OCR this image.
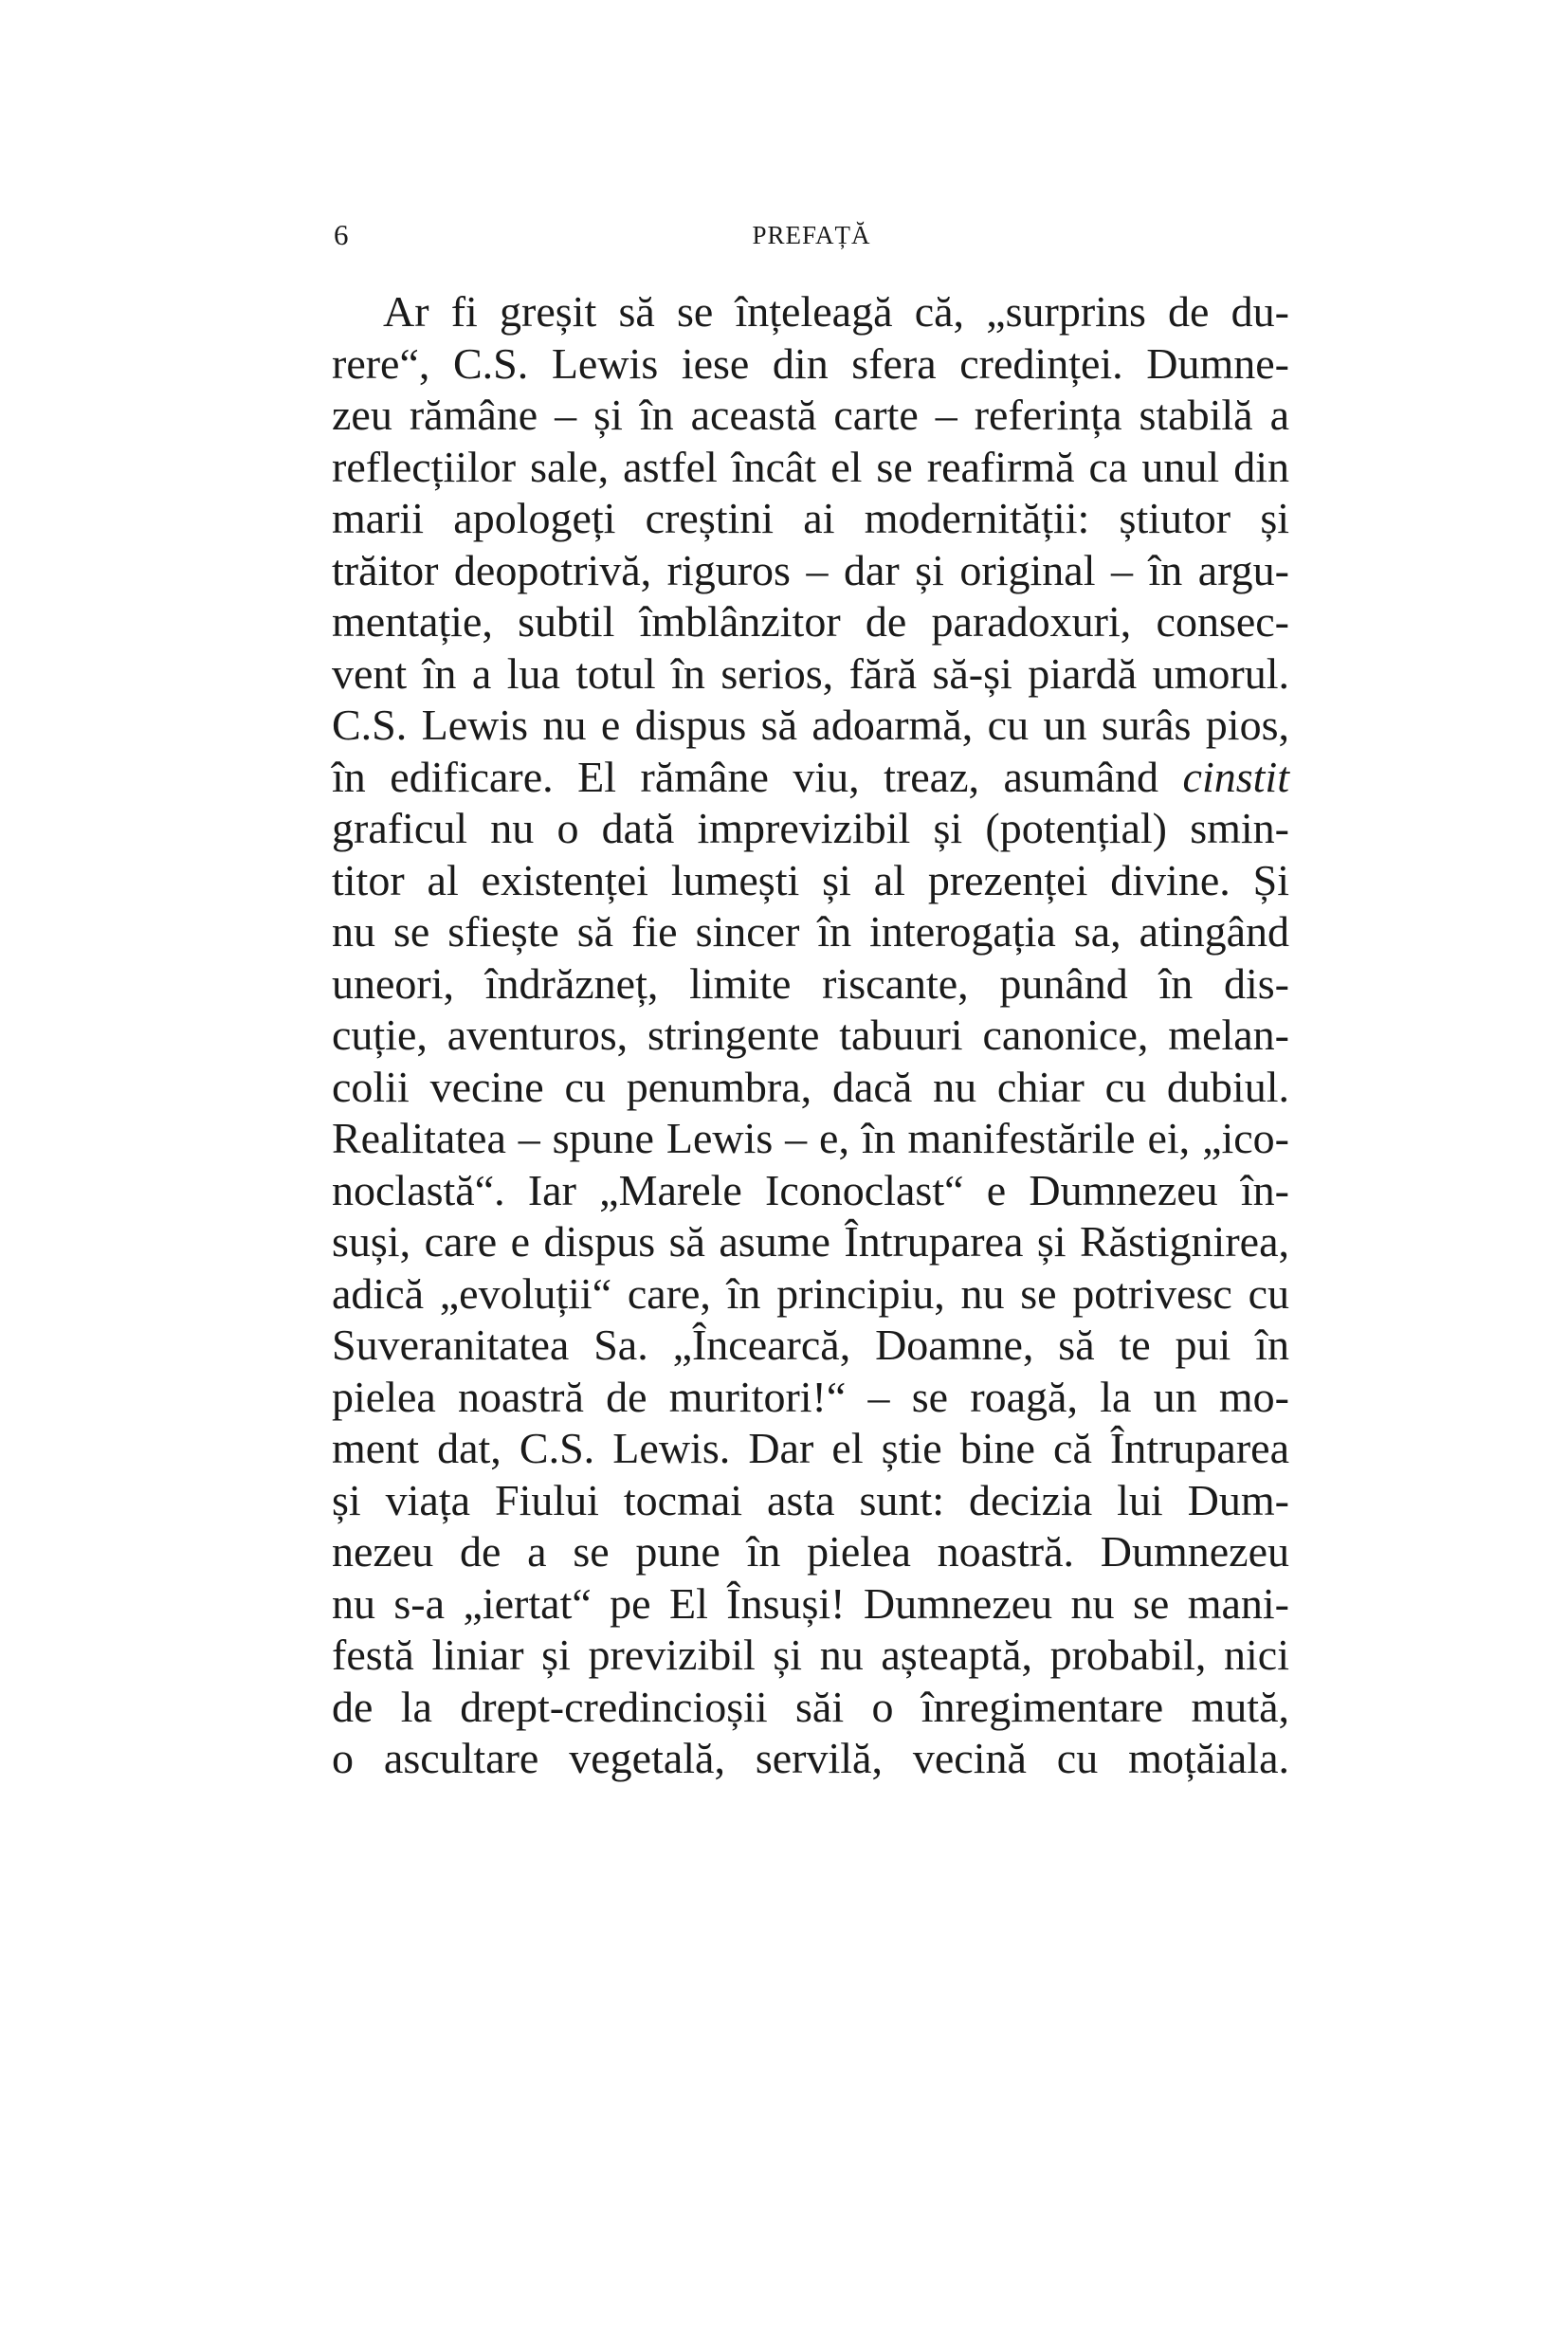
6	PREFAȚĂ
Ar fi greșit să se înțeleagă că, „surprins de du-
rere“, C.S. Lewis iese din sfera credinței. Dumne-
zeu rămâne – și în această carte – referința stabilă a
reflecțiilor sale, astfel încât el se reafirmă ca unul din
marii apologeți creștini ai modernității: știutor și
trăitor deopotrivă, riguros – dar și original – în argu-
mentație, subtil îmblânzitor de paradoxuri, consec-
vent în a lua totul în serios, fără să-și piardă umorul.
C.S. Lewis nu e dispus să adoarmă, cu un surâs pios,
în edificare. El rămâne viu, treaz, asumând cinstit
graficul nu o dată imprevizibil și (potențial) smin-
titor al existenței lumești și al prezenței divine. Și
nu se sfiește să fie sincer în interogația sa, atingând
uneori, îndrăzneț, limite riscante, punând în dis-
cuție, aventuros, stringente tabuuri canonice, melan-
colii vecine cu penumbra, dacă nu chiar cu dubiul.
Realitatea – spune Lewis – e, în manifestările ei, „ico-
noclastă“. Iar „Marele Iconoclast“ e Dumnezeu în-
suși, care e dispus să asume Întruparea și Răstignirea,
adică „evoluții“ care, în principiu, nu se potrivesc cu
Suveranitatea Sa. „Încearcă, Doamne, să te pui în
pielea noastră de muritori!“ – se roagă, la un mo-
ment dat, C.S. Lewis. Dar el știe bine că Întruparea
și viața Fiului tocmai asta sunt: decizia lui Dum-
nezeu de a se pune în pielea noastră. Dumnezeu
nu s-a „iertat“ pe El Însuși! Dumnezeu nu se mani-
festă liniar și previzibil și nu așteaptă, probabil, nici
de la drept-credincioșii săi o înregimentare mută,
o ascultare vegetală, servilă, vecină cu moțăiala.
